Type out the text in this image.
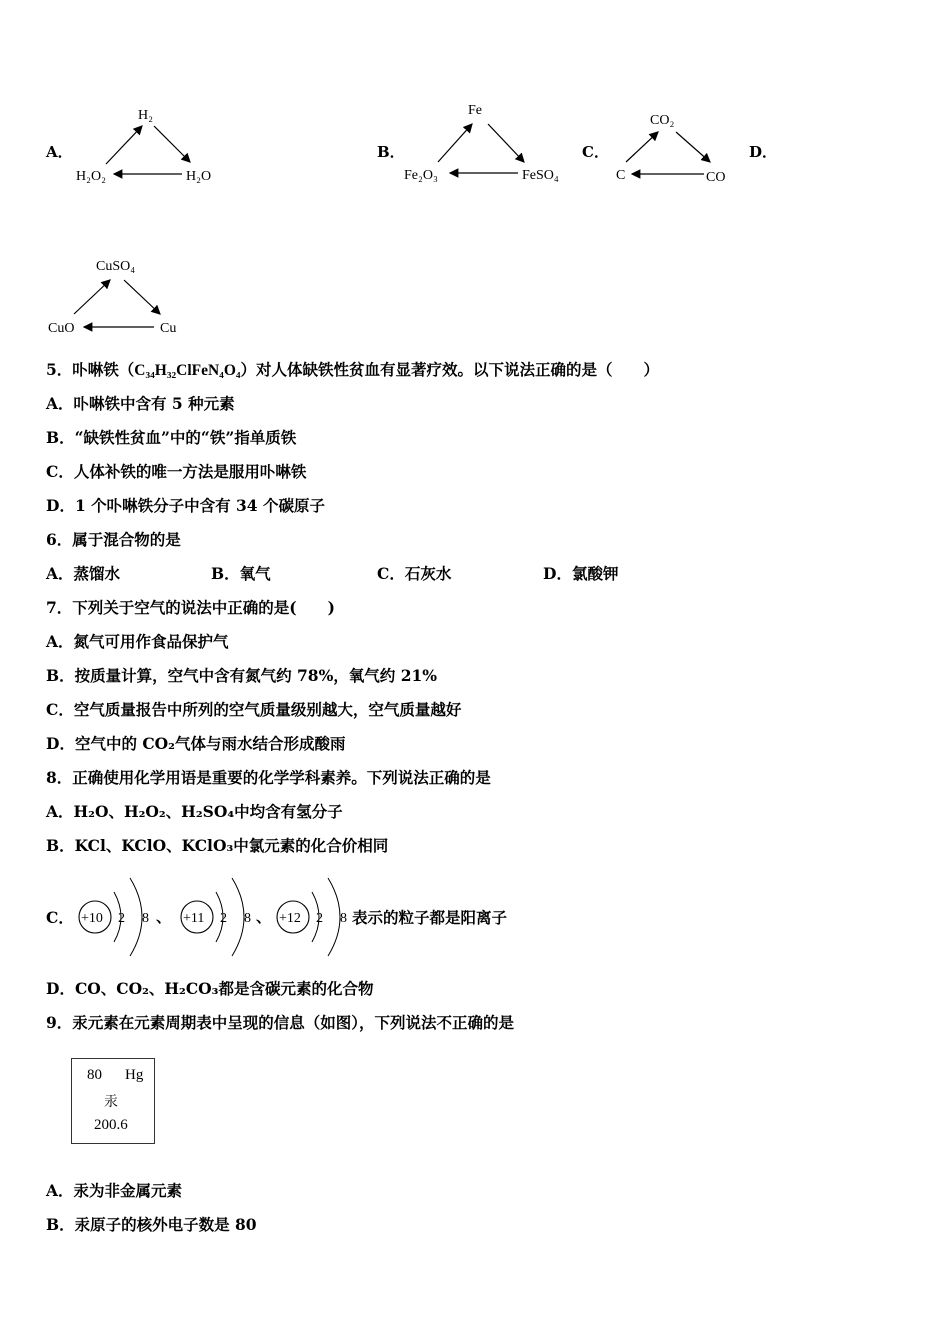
A．
H₂
H₂O₂	H₂O
B．
Fe
Fe₂O₃	FeSO₄
C．
CO₂
C	CO
D．
CuSO₄
CuO	Cu
5．卟啉铁（C₃₄H₃₂ClFeN₄O₄）对人体缺铁性贫血有显著疗效。以下说法正确的是（　　）
A．卟啉铁中含有 5 种元素
B．“缺铁性贫血”中的“铁”指单质铁
C．人体补铁的唯一方法是服用卟啉铁
D．1 个卟啉铁分子中含有 34 个碳原子
6．属于混合物的是
A．蒸馏水	B．氧气	C．石灰水	D．氯酸钾
7．下列关于空气的说法中正确的是(　　)
A．氮气可用作食品保护气
B．按质量计算，空气中含有氮气约 78%，氧气约 21%
C．空气质量报告中所列的空气质量级别越大，空气质量越好
D．空气中的 CO₂气体与雨水结合形成酸雨
8．正确使用化学用语是重要的化学学科素养。下列说法正确的是
A．H₂O、H₂O₂、H₂SO₄中均含有氢分子
B．KCl、KClO、KClO₃中氯元素的化合价相同
C． +10 2 8 、 +11 2 8 、 +12 2 8 表示的粒子都是阳离子
D．CO、CO₂、H₂CO₃都是含碳元素的化合物
9．汞元素在元素周期表中呈现的信息（如图），下列说法不正确的是
80 Hg
汞
200.6
A．汞为非金属元素
B．汞原子的核外电子数是 80
